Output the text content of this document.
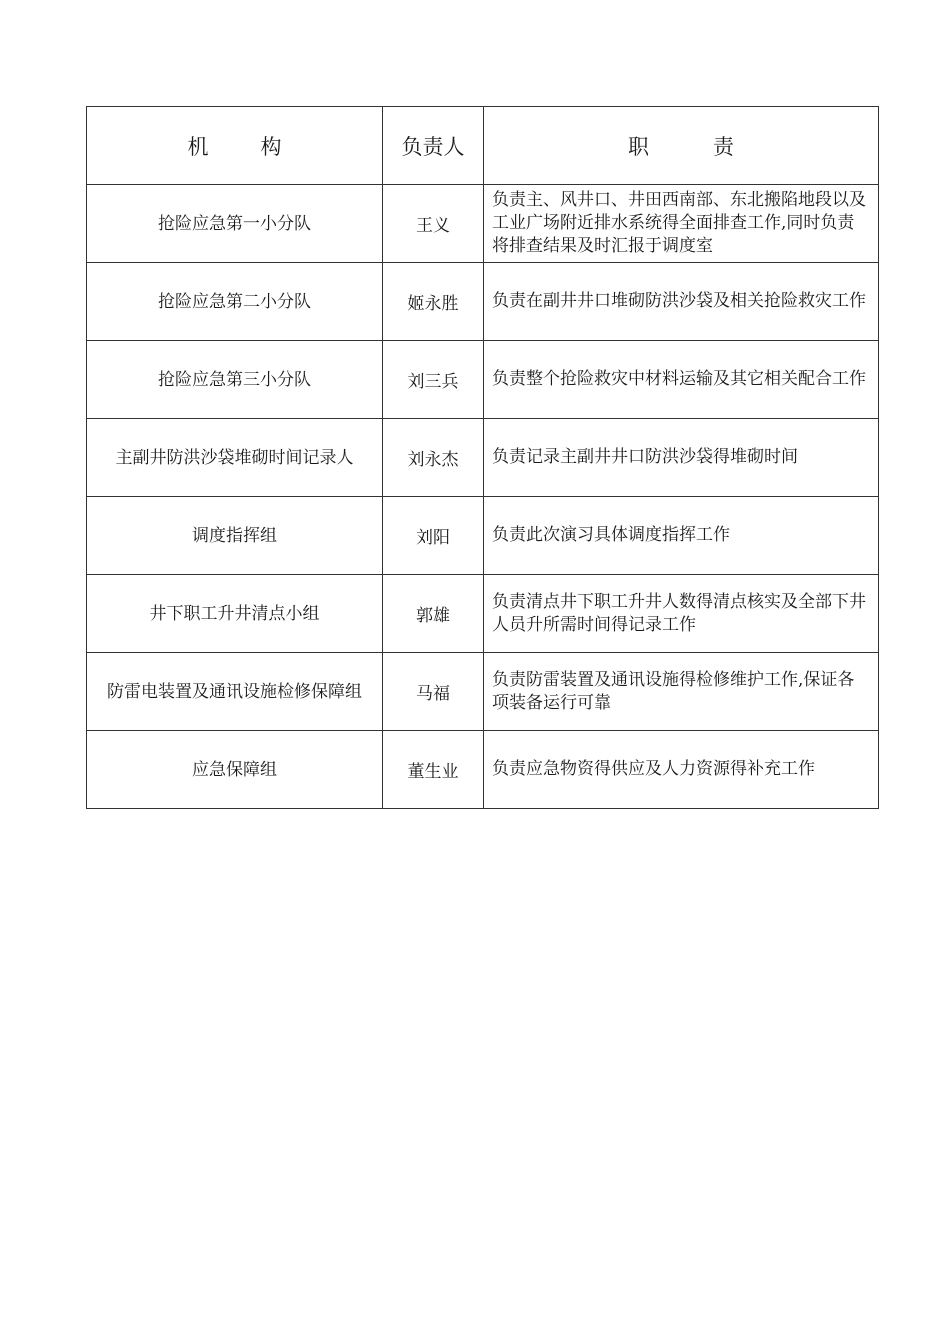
机 构	负责人	职 责
抢险应急第一小分队	王义	负责主、风井口、井田西南部、东北搬陷地段以及工业广场附近排水系统得全面排查工作,同时负责将排查结果及时汇报于调度室
抢险应急第二小分队	姬永胜	负责在副井井口堆砌防洪沙袋及相关抢险救灾工作
抢险应急第三小分队	刘三兵	负责整个抢险救灾中材料运输及其它相关配合工作
主副井防洪沙袋堆砌时间记录人	刘永杰	负责记录主副井井口防洪沙袋得堆砌时间
调度指挥组	刘阳	负责此次演习具体调度指挥工作
井下职工升井清点小组	郭雄	负责清点井下职工升井人数得清点核实及全部下井人员升所需时间得记录工作
防雷电装置及通讯设施检修保障组	马福	负责防雷装置及通讯设施得检修维护工作,保证各项装备运行可靠
应急保障组	董生业	负责应急物资得供应及人力资源得补充工作
